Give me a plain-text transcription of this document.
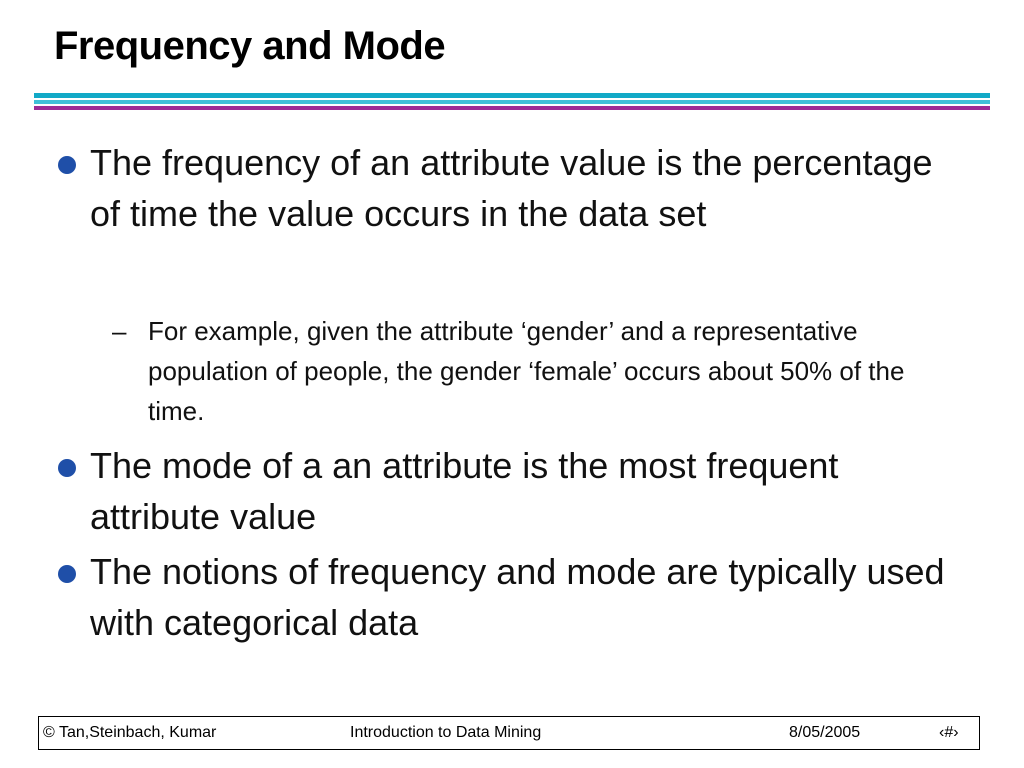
Frequency and Mode
The frequency of an attribute value is the percentage of time the value occurs in the data set
– For example, given the attribute ‘gender’ and a representative population of people, the gender ‘female’ occurs about 50% of the time.
The mode of a an attribute is the most frequent attribute value
The notions of frequency and mode are typically used with categorical data
© Tan,Steinbach, Kumar	Introduction to Data Mining	8/05/2005	‹#›
